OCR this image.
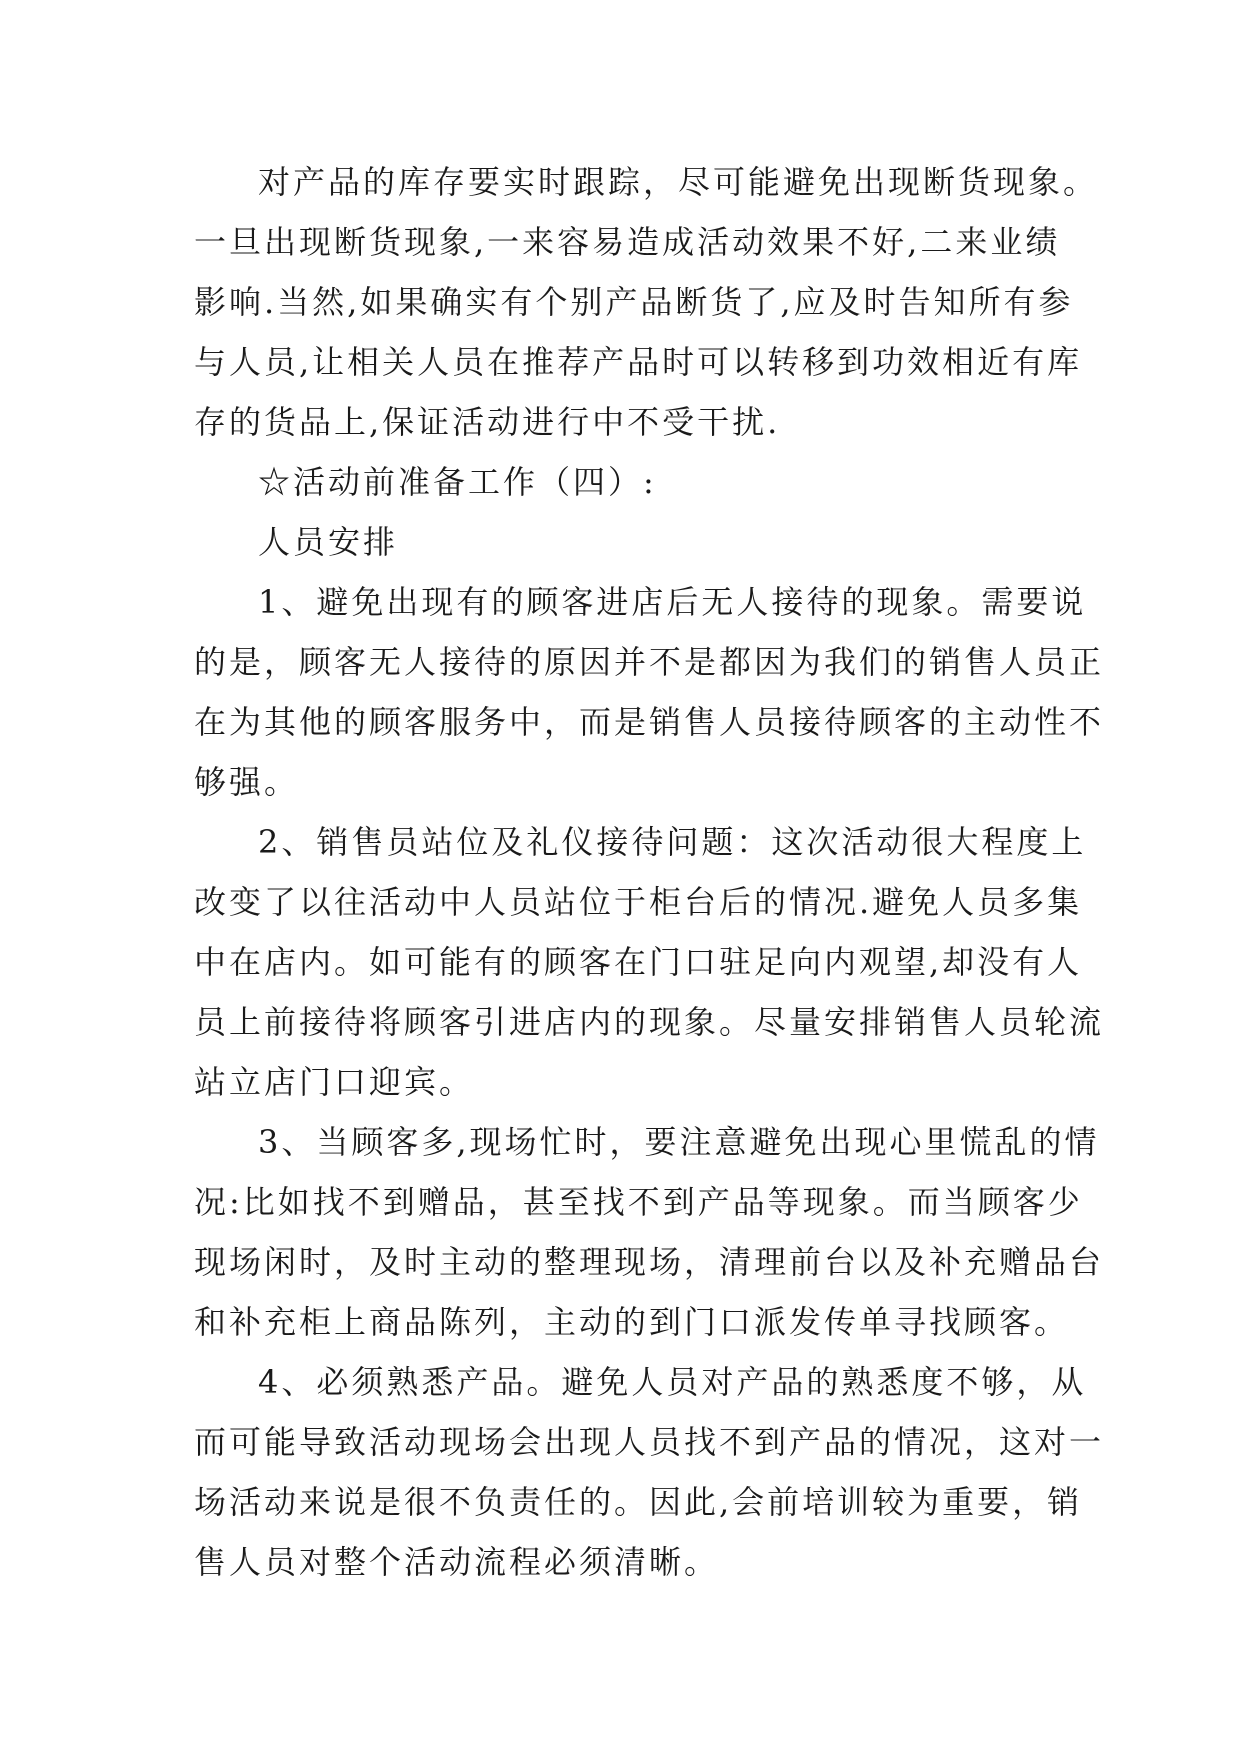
对产品的库存要实时跟踪，尽可能避免出现断货现象。
一旦出现断货现象,一来容易造成活动效果不好,二来业绩
影响.当然,如果确实有个别产品断货了,应及时告知所有参
与人员,让相关人员在推荐产品时可以转移到功效相近有库
存的货品上,保证活动进行中不受干扰.
☆活动前准备工作（四）:
人员安排
1、避免出现有的顾客进店后无人接待的现象。需要说
的是，顾客无人接待的原因并不是都因为我们的销售人员正
在为其他的顾客服务中，而是销售人员接待顾客的主动性不
够强。
2、销售员站位及礼仪接待问题：这次活动很大程度上
改变了以往活动中人员站位于柜台后的情况.避免人员多集
中在店内。如可能有的顾客在门口驻足向内观望,却没有人
员上前接待将顾客引进店内的现象。尽量安排销售人员轮流
站立店门口迎宾。
3、当顾客多,现场忙时，要注意避免出现心里慌乱的情
况:比如找不到赠品，甚至找不到产品等现象。而当顾客少
现场闲时，及时主动的整理现场，清理前台以及补充赠品台
和补充柜上商品陈列，主动的到门口派发传单寻找顾客。
4、必须熟悉产品。避免人员对产品的熟悉度不够，从
而可能导致活动现场会出现人员找不到产品的情况，这对一
场活动来说是很不负责任的。因此,会前培训较为重要，销
售人员对整个活动流程必须清晰。
